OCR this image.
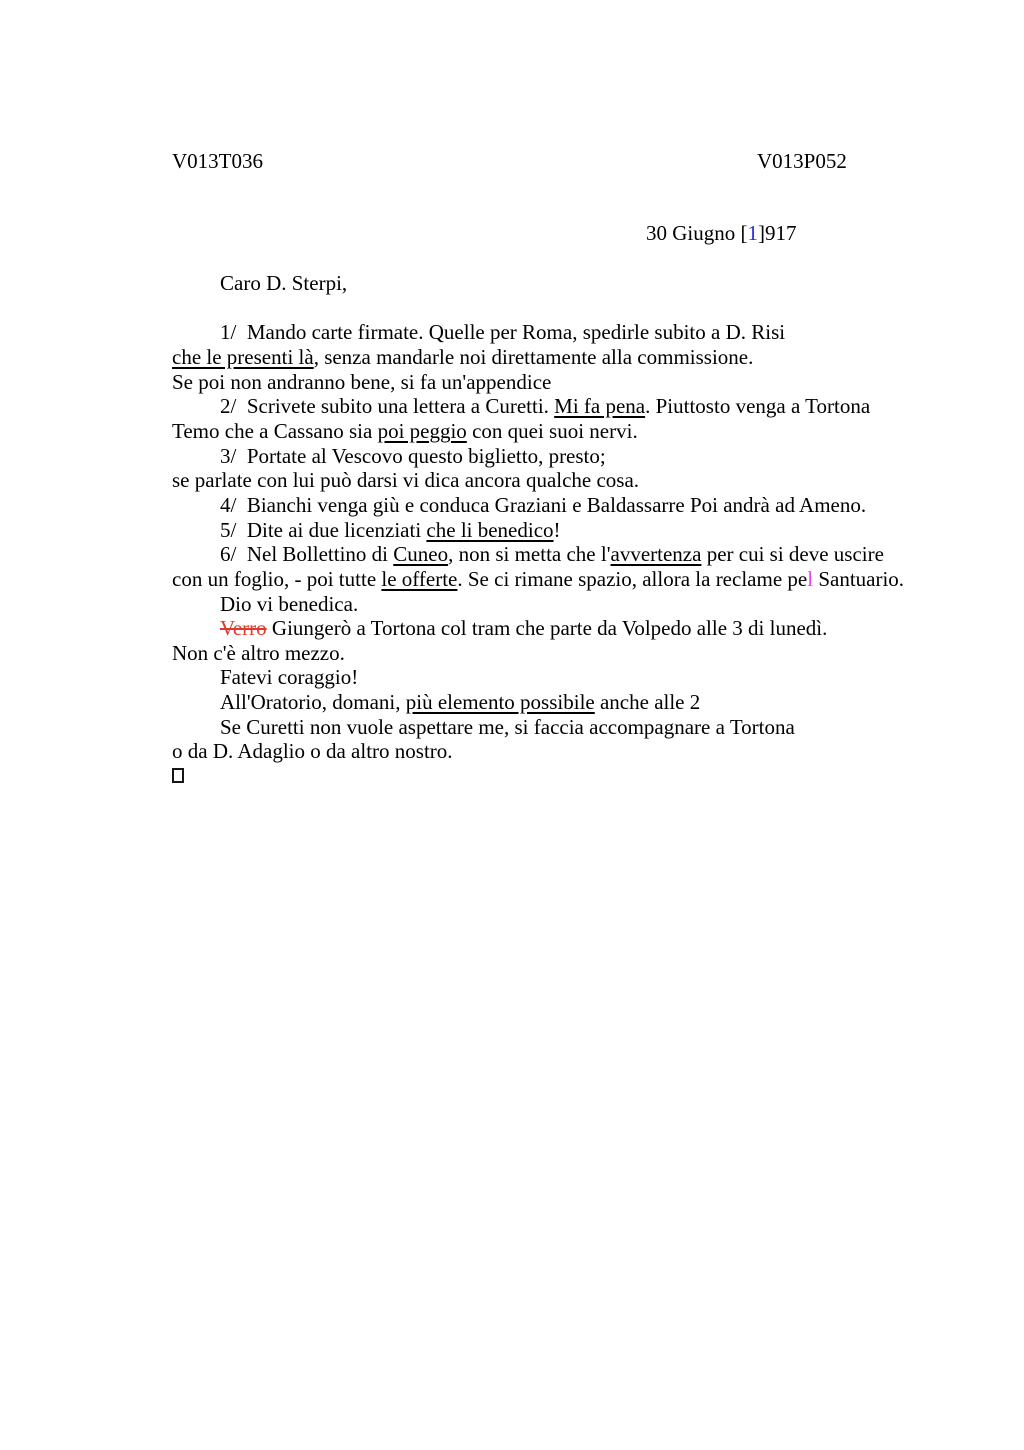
V013T036	V013P052
30 Giugno [1]917
Caro D. Sterpi,
1/  Mando carte firmate. Quelle per Roma, spedirle subito a D. Risi
che le presenti là, senza mandarle noi direttamente alla commissione.
Se poi non andranno bene, si fa un'appendice
2/  Scrivete subito una lettera a Curetti. Mi fa pena. Piuttosto venga a Tortona
Temo che a Cassano sia poi peggio con quei suoi nervi.
3/  Portate al Vescovo questo biglietto, presto;
se parlate con lui può darsi vi dica ancora qualche cosa.
4/  Bianchi venga giù e conduca Graziani e Baldassarre Poi andrà ad Ameno.
5/  Dite ai due licenziati che li benedico!
6/  Nel Bollettino di Cuneo, non si metta che l'avvertenza per cui si deve uscire
con un foglio, - poi tutte le offerte. Se ci rimane spazio, allora la reclame pel Santuario.
Dio vi benedica.
Verro Giungerò a Tortona col tram che parte da Volpedo alle 3 di lunedì.
Non c'è altro mezzo.
Fatevi coraggio!
All'Oratorio, domani, più elemento possibile anche alle 2
Se Curetti non vuole aspettare me, si faccia accompagnare a Tortona
o da D. Adaglio o da altro nostro.
